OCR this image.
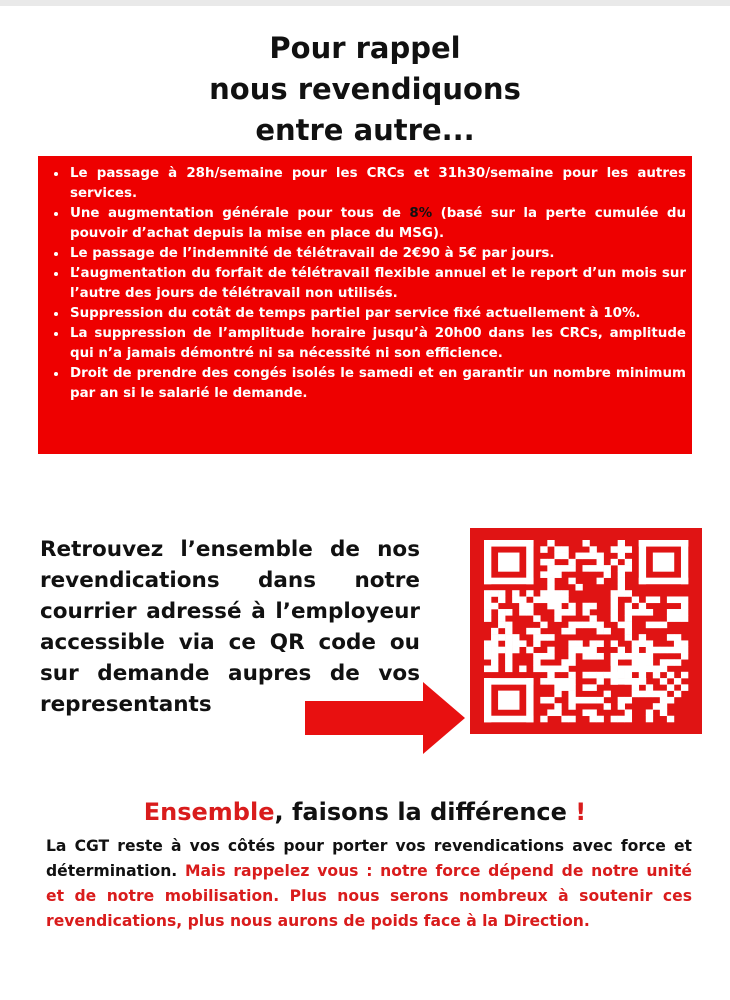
Pour rappel
nous revendiquons
entre autre...
• Le passage à 28h/semaine pour les CRCs et 31h30/semaine pour les autres services.
• Une augmentation générale pour tous de 8% (basé sur la perte cumulée du pouvoir d’achat depuis la mise en place du MSG).
• Le passage de l’indemnité de télétravail de 2€90 à 5€ par jours.
• L’augmentation du forfait de télétravail flexible annuel et le report d’un mois sur l’autre des jours de télétravail non utilisés.
• Suppression du cotât de temps partiel par service fixé actuellement à 10%.
• La suppression de l’amplitude horaire jusqu’à 20h00 dans les CRCs, amplitude qui n’a jamais démontré ni sa nécessité ni son efficience.
• Droit de prendre des congés isolés le samedi et en garantir un nombre minimum par an si le salarié le demande.
Retrouvez l’ensemble de nos
revendications dans notre
courrier adressé à l’employeur
accessible via ce QR code ou
sur demande aupres de vos
representants
Ensemble, faisons la différence !
La CGT reste à vos côtés pour porter vos revendications avec force et détermination. Mais rappelez vous : notre force dépend de notre unité et de notre mobilisation. Plus nous serons nombreux à soutenir ces revendications, plus nous aurons de poids face à la Direction.
